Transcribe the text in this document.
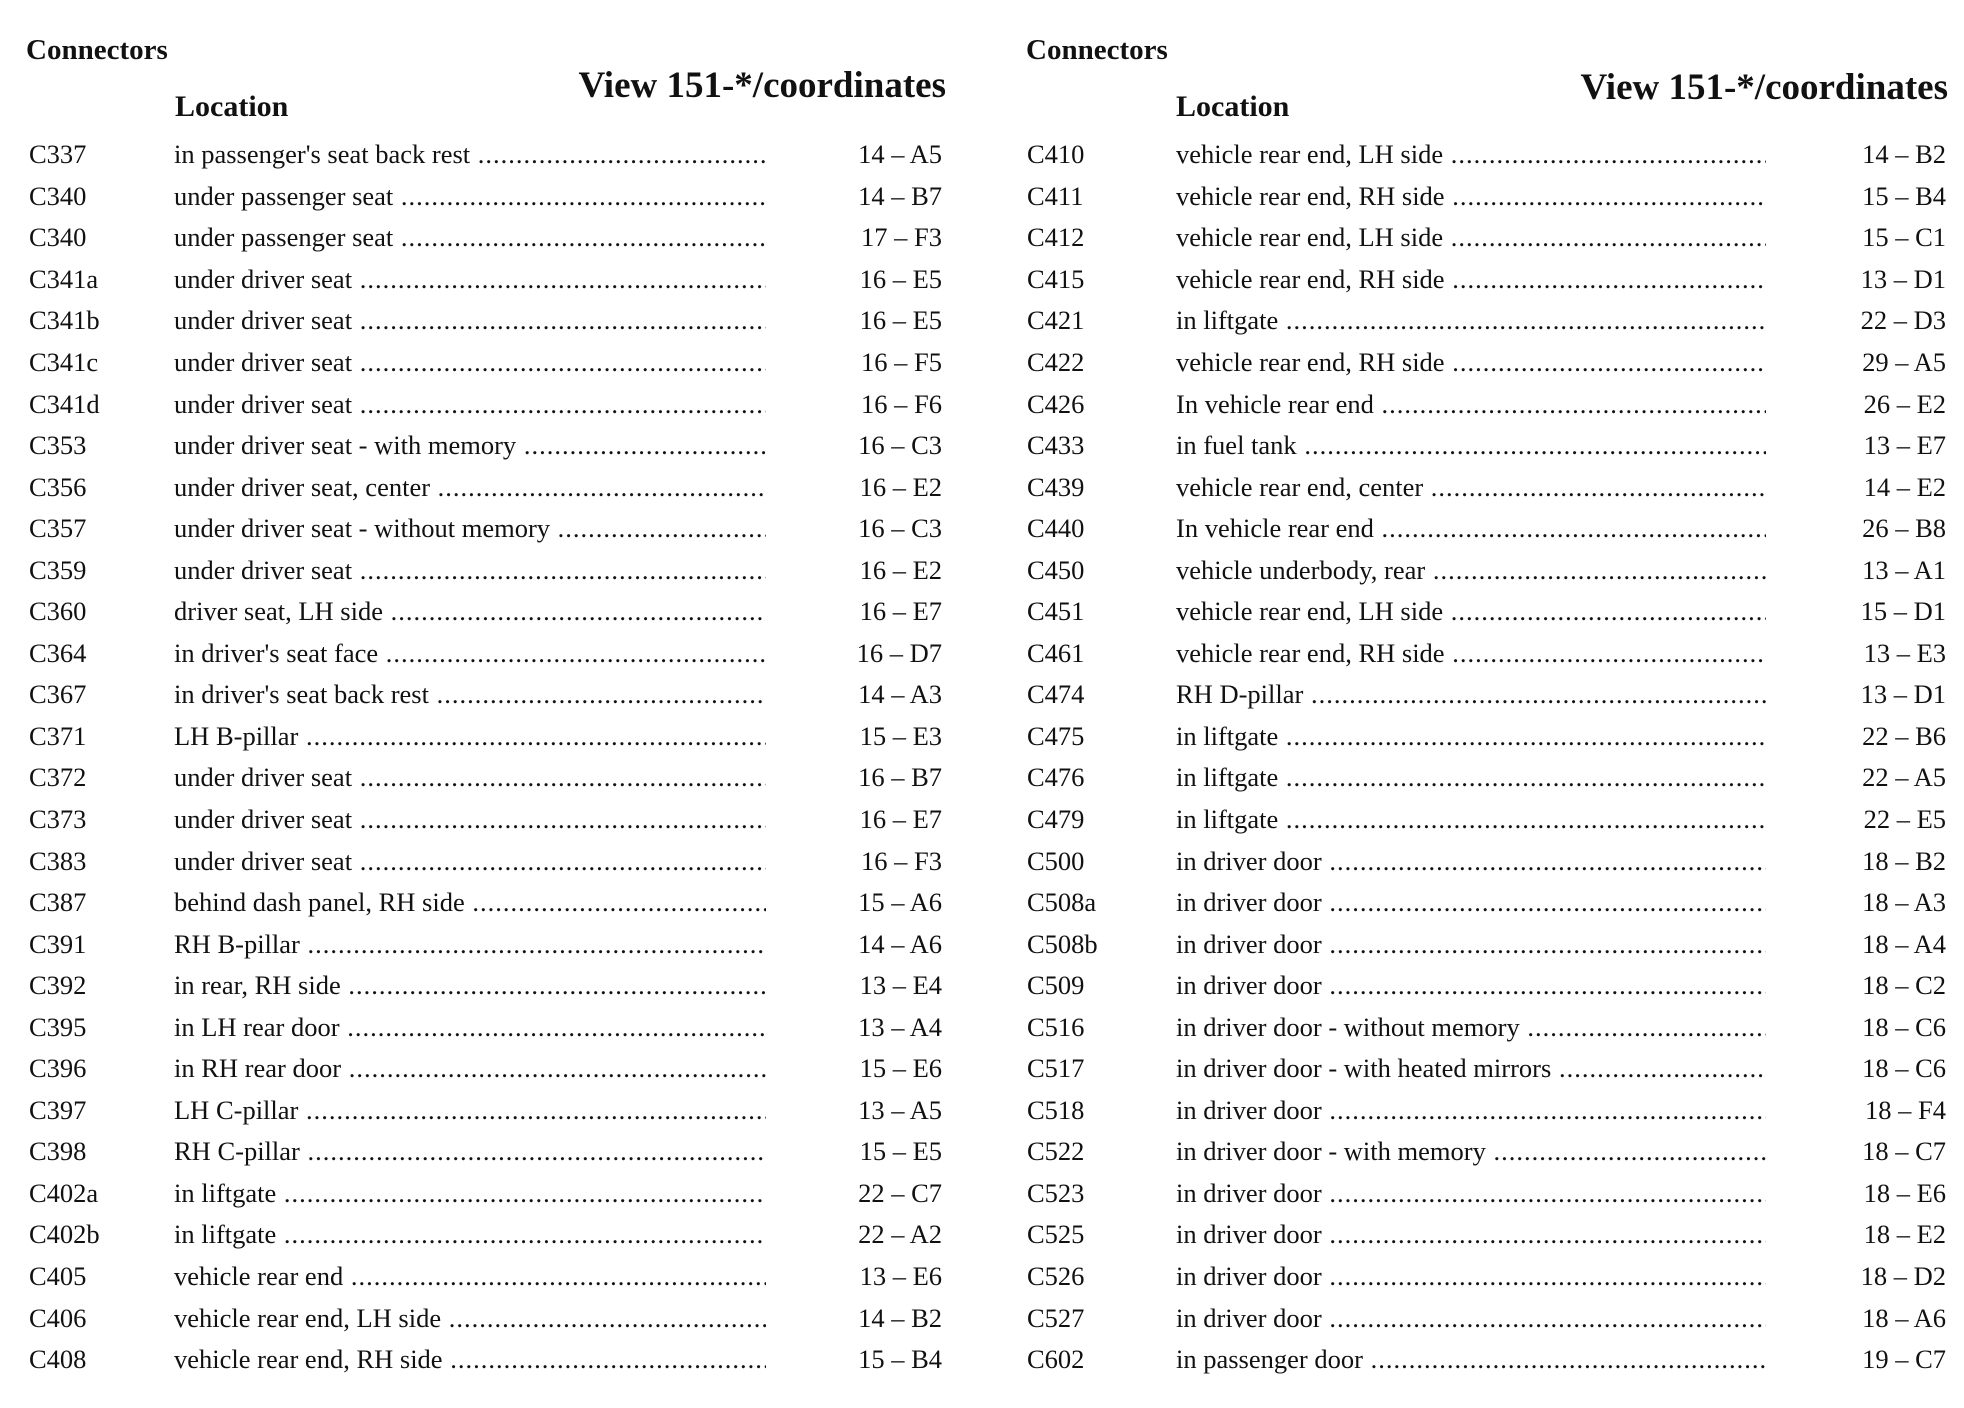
Connectors
Location
View 151-*/coordinates
C337	in passenger's seat back rest .....	14 – A5
C340	under passenger seat .....	14 – B7
C340	under passenger seat .....	17 – F3
C341a	under driver seat .....	16 – E5
C341b	under driver seat .....	16 – E5
C341c	under driver seat .....	16 – F5
C341d	under driver seat .....	16 – F6
C353	under driver seat - with memory .....	16 – C3
C356	under driver seat, center .....	16 – E2
C357	under driver seat - without memory .....	16 – C3
C359	under driver seat .....	16 – E2
C360	driver seat, LH side .....	16 – E7
C364	in driver's seat face .....	16 – D7
C367	in driver's seat back rest .....	14 – A3
C371	LH B-pillar .....	15 – E3
C372	under driver seat .....	16 – B7
C373	under driver seat .....	16 – E7
C383	under driver seat .....	16 – F3
C387	behind dash panel, RH side .....	15 – A6
C391	RH B-pillar .....	14 – A6
C392	in rear, RH side .....	13 – E4
C395	in LH rear door .....	13 – A4
C396	in RH rear door .....	15 – E6
C397	LH C-pillar .....	13 – A5
C398	RH C-pillar .....	15 – E5
C402a	in liftgate .....	22 – C7
C402b	in liftgate .....	22 – A2
C405	vehicle rear end .....	13 – E6
C406	vehicle rear end, LH side .....	14 – B2
C408	vehicle rear end, RH side .....	15 – B4
Connectors
Location	View 151-*/coordinates
C410	vehicle rear end, LH side .....	14 – B2
C411	vehicle rear end, RH side .....	15 – B4
C412	vehicle rear end, LH side .....	15 – C1
C415	vehicle rear end, RH side .....	13 – D1
C421	in liftgate .....	22 – D3
C422	vehicle rear end, RH side .....	29 – A5
C426	In vehicle rear end .....	26 – E2
C433	in fuel tank .....	13 – E7
C439	vehicle rear end, center .....	14 – E2
C440	In vehicle rear end .....	26 – B8
C450	vehicle underbody, rear .....	13 – A1
C451	vehicle rear end, LH side .....	15 – D1
C461	vehicle rear end, RH side .....	13 – E3
C474	RH D-pillar .....	13 – D1
C475	in liftgate .....	22 – B6
C476	in liftgate .....	22 – A5
C479	in liftgate .....	22 – E5
C500	in driver door .....	18 – B2
C508a	in driver door .....	18 – A3
C508b	in driver door .....	18 – A4
C509	in driver door .....	18 – C2
C516	in driver door - without memory .....	18 – C6
C517	in driver door - with heated mirrors .....	18 – C6
C518	in driver door .....	18 – F4
C522	in driver door - with memory .....	18 – C7
C523	in driver door .....	18 – E6
C525	in driver door .....	18 – E2
C526	in driver door .....	18 – D2
C527	in driver door .....	18 – A6
C602	in passenger door .....	19 – C7
